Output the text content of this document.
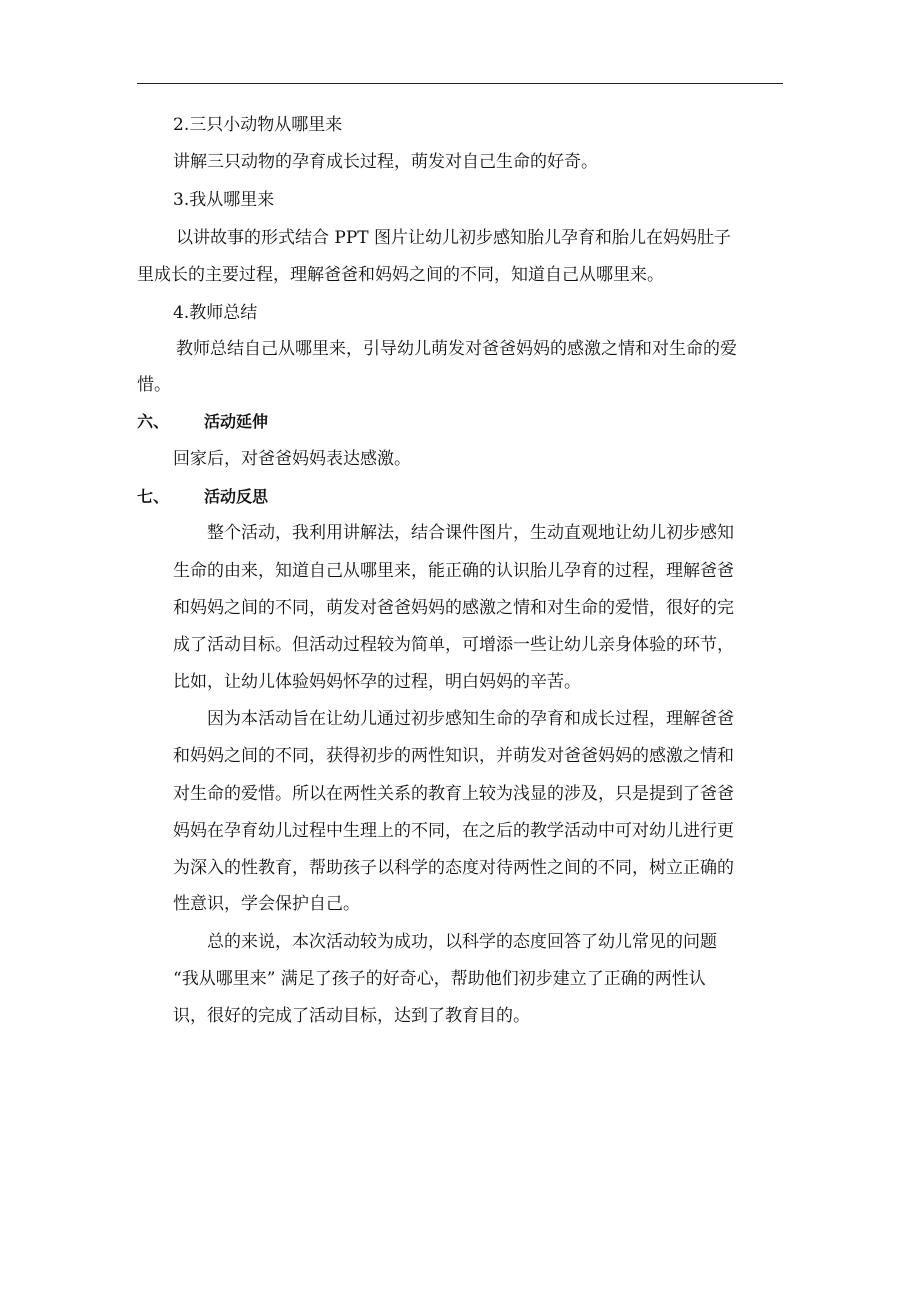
2.三只小动物从哪里来
讲解三只动物的孕育成长过程，萌发对自己生命的好奇。
3.我从哪里来
以讲故事的形式结合 PPT 图片让幼儿初步感知胎儿孕育和胎儿在妈妈肚子
里成长的主要过程，理解爸爸和妈妈之间的不同，知道自己从哪里来。
4.教师总结
教师总结自己从哪里来，引导幼儿萌发对爸爸妈妈的感激之情和对生命的爱
惜。
六、 活动延伸
回家后，对爸爸妈妈表达感激。
七、 活动反思
整个活动，我利用讲解法，结合课件图片，生动直观地让幼儿初步感知
生命的由来，知道自己从哪里来，能正确的认识胎儿孕育的过程，理解爸爸
和妈妈之间的不同，萌发对爸爸妈妈的感激之情和对生命的爱惜，很好的完
成了活动目标。但活动过程较为简单，可增添一些让幼儿亲身体验的环节，
比如，让幼儿体验妈妈怀孕的过程，明白妈妈的辛苦。
因为本活动旨在让幼儿通过初步感知生命的孕育和成长过程，理解爸爸
和妈妈之间的不同，获得初步的两性知识，并萌发对爸爸妈妈的感激之情和
对生命的爱惜。所以在两性关系的教育上较为浅显的涉及，只是提到了爸爸
妈妈在孕育幼儿过程中生理上的不同，在之后的教学活动中可对幼儿进行更
为深入的性教育，帮助孩子以科学的态度对待两性之间的不同，树立正确的
性意识，学会保护自己。
总的来说，本次活动较为成功，以科学的态度回答了幼儿常见的问题
“我从哪里来” 满足了孩子的好奇心，帮助他们初步建立了正确的两性认
识，很好的完成了活动目标，达到了教育目的。
